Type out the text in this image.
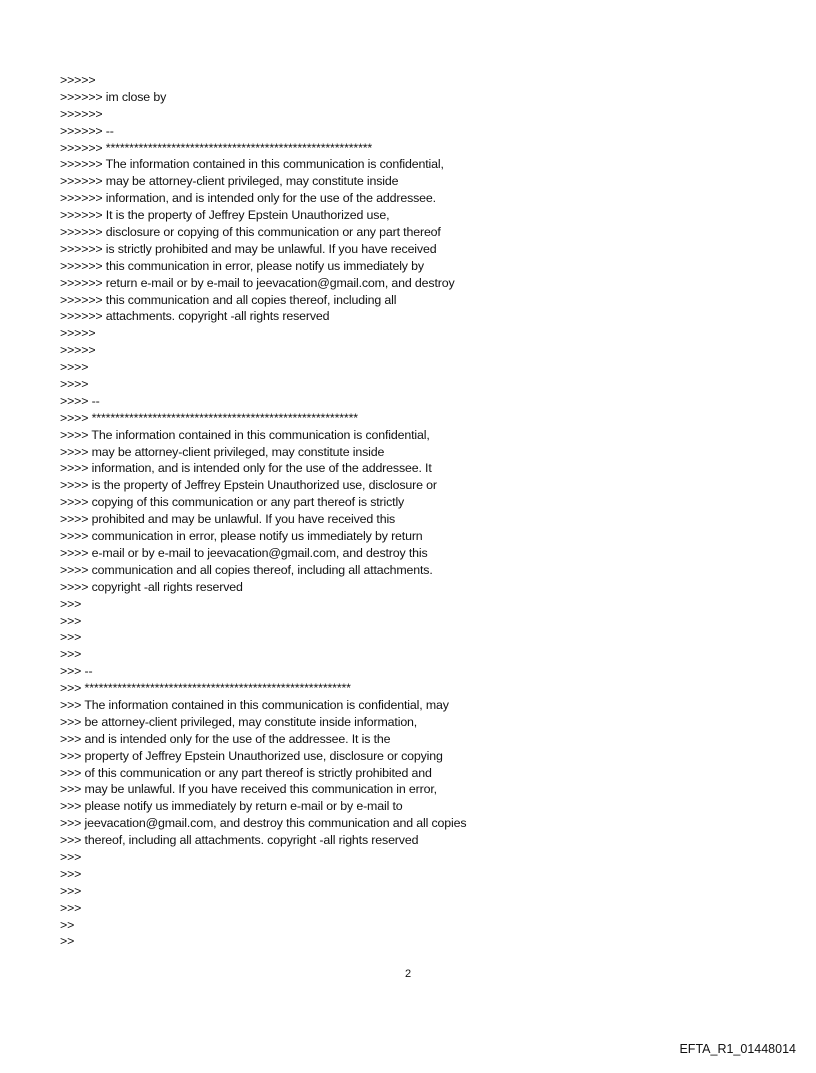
>>>>>
>>>>>> im close by
>>>>>>
>>>>>> --
>>>>>> *********************************************************
>>>>>> The information contained in this communication is confidential,
>>>>>> may be attorney-client privileged, may constitute inside
>>>>>> information, and is intended only for the use of the addressee.
>>>>>> It is the property of Jeffrey Epstein Unauthorized use,
>>>>>> disclosure or copying of this communication or any part thereof
>>>>>> is strictly prohibited and may be unlawful. If you have received
>>>>>> this communication in error, please notify us immediately by
>>>>>> return e-mail or by e-mail to jeevacation@gmail.com, and destroy
>>>>>> this communication and all copies thereof, including all
>>>>>> attachments. copyright -all rights reserved
>>>>>
>>>>>
>>>>
>>>>
>>>> --
>>>> *********************************************************
>>>> The information contained in this communication is confidential,
>>>> may be attorney-client privileged, may constitute inside
>>>> information, and is intended only for the use of the addressee. It
>>>> is the property of Jeffrey Epstein Unauthorized use, disclosure or
>>>> copying of this communication or any part thereof is strictly
>>>> prohibited and may be unlawful. If you have received this
>>>> communication in error, please notify us immediately by return
>>>> e-mail or by e-mail to jeevacation@gmail.com, and destroy this
>>>> communication and all copies thereof, including all attachments.
>>>> copyright -all rights reserved
>>>
>>>
>>>
>>>
>>> --
>>> *********************************************************
>>> The information contained in this communication is confidential, may
>>> be attorney-client privileged, may constitute inside information,
>>> and is intended only for the use of the addressee. It is the
>>> property of Jeffrey Epstein Unauthorized use, disclosure or copying
>>> of this communication or any part thereof is strictly prohibited and
>>> may be unlawful. If you have received this communication in error,
>>> please notify us immediately by return e-mail or by e-mail to
>>> jeevacation@gmail.com, and destroy this communication and all copies
>>> thereof, including all attachments. copyright -all rights reserved
>>>
>>>
>>>
>>>
>>
>>
2
EFTA_R1_01448014
